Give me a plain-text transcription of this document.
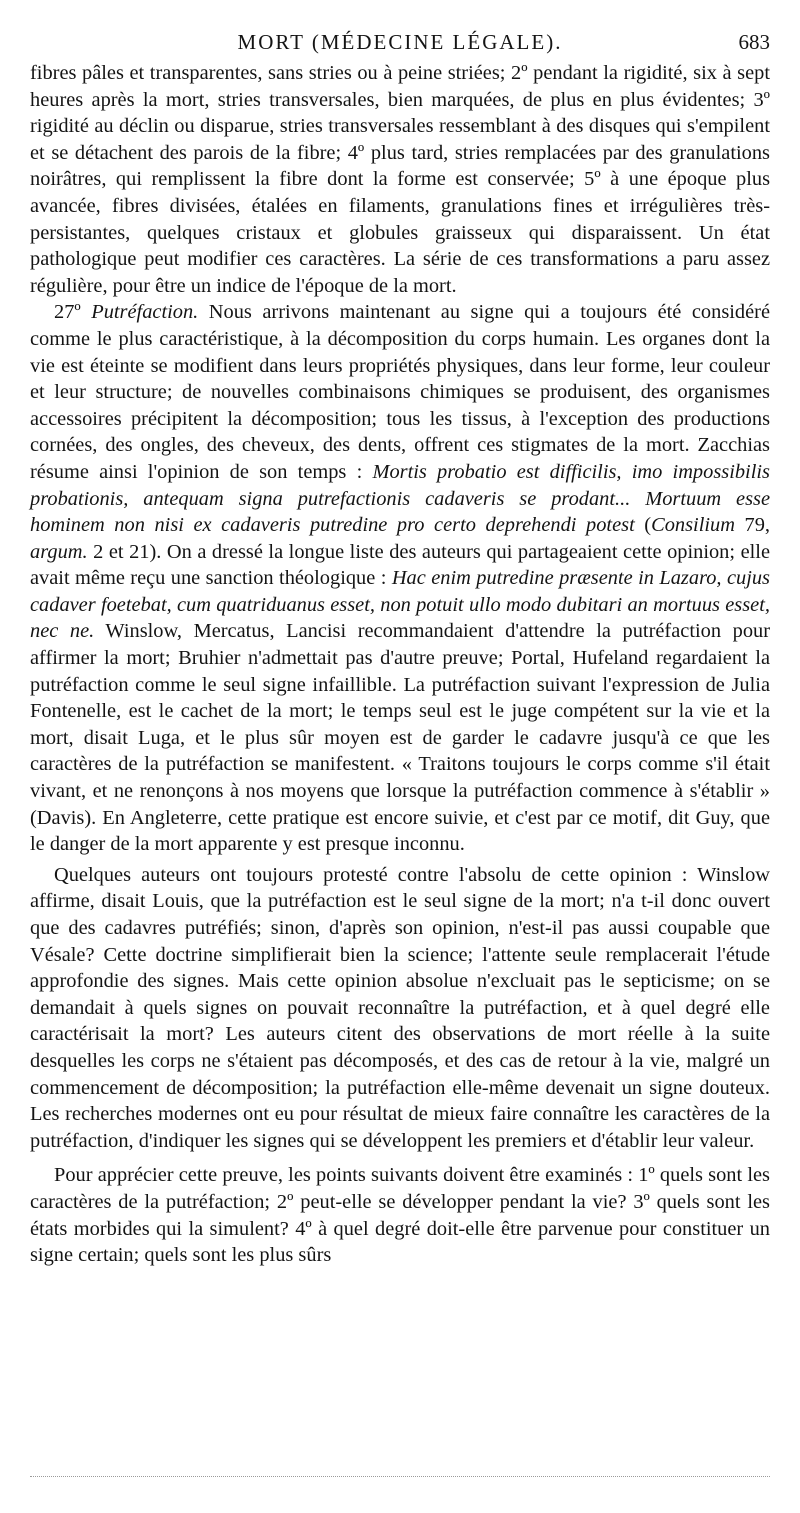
MORT (MÉDECINE LÉGALE).	683

fibres pâles et transparentes, sans stries ou à peine striées; 2º pendant la rigidité, six à sept heures après la mort, stries transversales, bien marquées, de plus en plus évidentes; 3º rigidité au déclin ou disparue, stries transversales ressemblant à des disques qui s'empilent et se détachent des parois de la fibre; 4º plus tard, stries remplacées par des granulations noirâtres, qui remplissent la fibre dont la forme est conservée; 5º à une époque plus avancée, fibres divisées, étalées en filaments, granulations fines et irrégulières très-persistantes, quelques cristaux et globules graisseux qui disparaissent. Un état pathologique peut modifier ces caractères. La série de ces transformations a paru assez régulière, pour être un indice de l'époque de la mort.

27º Putréfaction. Nous arrivons maintenant au signe qui a toujours été considéré comme le plus caractéristique, à la décomposition du corps humain. Les organes dont la vie est éteinte se modifient dans leurs propriétés physiques, dans leur forme, leur couleur et leur structure; de nouvelles combinaisons chimiques se produisent, des organismes accessoires précipitent la décomposition; tous les tissus, à l'exception des productions cornées, des ongles, des cheveux, des dents, offrent ces stigmates de la mort. Zacchias résume ainsi l'opinion de son temps : Mortis probatio est difficilis, imo impossibilis probationis, antequam signa putrefactionis cadaveris se prodant... Mortuum esse hominem non nisi ex cadaveris putredine pro certo deprehendi potest (Consilium 79, argum. 2 et 21). On a dressé la longue liste des auteurs qui partageaient cette opinion; elle avait même reçu une sanction théologique : Hac enim putredine præsente in Lazaro, cujus cadaver foetebat, cum quatriduanus esset, non potuit ullo modo dubitari an mortuus esset, nec ne. Winslow, Mercatus, Lancisi recommandaient d'attendre la putréfaction pour affirmer la mort; Bruhier n'admettait pas d'autre preuve; Portal, Hufeland regardaient la putréfaction comme le seul signe infaillible. La putréfaction suivant l'expression de Julia Fontenelle, est le cachet de la mort; le temps seul est le juge compétent sur la vie et la mort, disait Luga, et le plus sûr moyen est de garder le cadavre jusqu'à ce que les caractères de la putréfaction se manifestent. « Traitons toujours le corps comme s'il était vivant, et ne renonçons à nos moyens que lorsque la putréfaction commence à s'établir » (Davis). En Angleterre, cette pratique est encore suivie, et c'est par ce motif, dit Guy, que le danger de la mort apparente y est presque inconnu.

Quelques auteurs ont toujours protesté contre l'absolu de cette opinion : Winslow affirme, disait Louis, que la putréfaction est le seul signe de la mort; n'a t-il donc ouvert que des cadavres putréfiés; sinon, d'après son opinion, n'est-il pas aussi coupable que Vésale? Cette doctrine simplifierait bien la science; l'attente seule remplacerait l'étude approfondie des signes. Mais cette opinion absolue n'excluait pas le septicisme; on se demandait à quels signes on pouvait reconnaître la putréfaction, et à quel degré elle caractérisait la mort? Les auteurs citent des observations de mort réelle à la suite desquelles les corps ne s'étaient pas décomposés, et des cas de retour à la vie, malgré un commencement de décomposition; la putréfaction elle-même devenait un signe douteux. Les recherches modernes ont eu pour résultat de mieux faire connaître les caractères de la putréfaction, d'indiquer les signes qui se développent les premiers et d'établir leur valeur.

Pour apprécier cette preuve, les points suivants doivent être examinés : 1º quels sont les caractères de la putréfaction; 2º peut-elle se développer pendant la vie? 3º quels sont les états morbides qui la simulent? 4º à quel degré doit-elle être parvenue pour constituer un signe certain; quels sont les plus sûrs
